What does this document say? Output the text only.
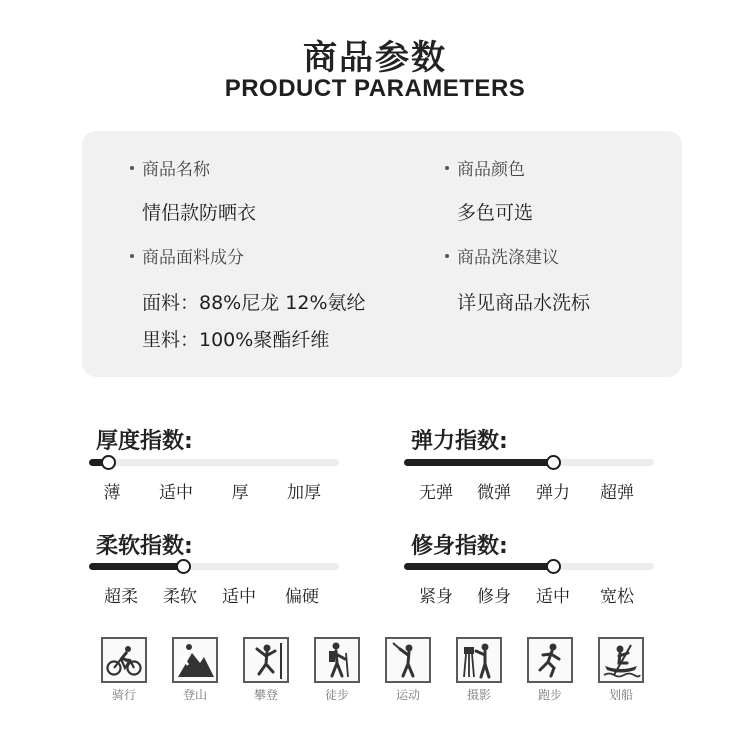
商品参数
PRODUCT PARAMETERS
商品名称
情侣款防晒衣
商品颜色
多色可选
商品面料成分
面料：88%尼龙 12%氨纶
里料：100%聚酯纤维
商品洗涤建议
详见商品水洗标
厚度指数:
薄 适中 厚 加厚
弹力指数:
无弹 微弹 弹力 超弹
柔软指数:
超柔 柔软 适中 偏硬
修身指数:
紧身 修身 适中 宽松
骑行	登山	攀登	徒步	运动	摄影	跑步	划船
